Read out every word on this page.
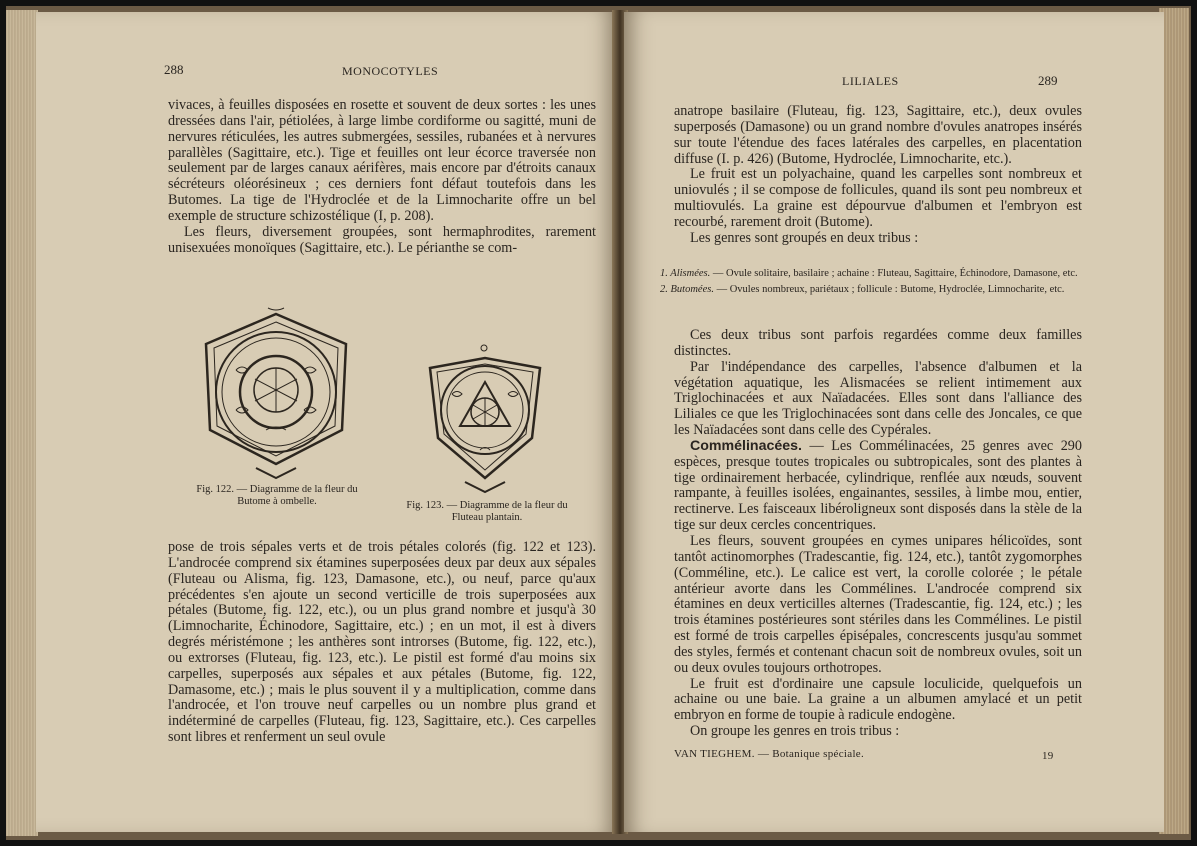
288	MONOCOTYLES

vivaces, à feuilles disposées en rosette et souvent de deux sortes : les unes dressées dans l'air, pétiolées, à large limbe cordiforme ou sagitté, muni de nervures réticulées, les autres submergées, sessiles, rubanées et à nervures parallèles (Sagittaire, etc.). Tige et feuilles ont leur écorce traversée non seulement par de larges canaux aérifères, mais encore par d'étroits canaux sécréteurs oléorésineux ; ces derniers font défaut toutefois dans les Butomes. La tige de l'Hydroclée et de la Limnocharite offre un bel exemple de structure schizostélique (I, p. 208).

Les fleurs, diversement groupées, sont hermaphrodites, rarement unisexuées monoïques (Sagittaire, etc.). Le périanthe se com-

Fig. 122. — Diagramme de la fleur du Butome à ombelle.	Fig. 123. — Diagramme de la fleur du Fluteau plantain.

pose de trois sépales verts et de trois pétales colorés (fig. 122 et 123). L'androcée comprend six étamines superposées deux par deux aux sépales (Fluteau ou Alisma, fig. 123, Damasone, etc.), ou neuf, parce qu'aux précédentes s'en ajoute un second verticille de trois superposées aux pétales (Butome, fig. 122, etc.), ou un plus grand nombre et jusqu'à 30 (Limnocharite, Échinodore, Sagittaire, etc.) ; en un mot, il est à divers degrés méristémone ; les anthères sont introrses (Butome, fig. 122, etc.), ou extrorses (Fluteau, fig. 123, etc.). Le pistil est formé d'au moins six carpelles, superposés aux sépales et aux pétales (Butome, fig. 122, Damasome, etc.) ; mais le plus souvent il y a multiplication, comme dans l'androcée, et l'on trouve neuf carpelles ou un nombre plus grand et indéterminé de carpelles (Fluteau, fig. 123, Sagittaire, etc.). Ces carpelles sont libres et renferment un seul ovule

LILIALES	289

anatrope basilaire (Fluteau, fig. 123, Sagittaire, etc.), deux ovules superposés (Damasone) ou un grand nombre d'ovules anatropes insérés sur toute l'étendue des faces latérales des carpelles, en placentation diffuse (I. p. 426) (Butome, Hydroclée, Limnocharite, etc.).

Le fruit est un polyachaine, quand les carpelles sont nombreux et uniovulés ; il se compose de follicules, quand ils sont peu nombreux et multiovulés. La graine est dépourvue d'albumen et l'embryon est recourbé, rarement droit (Butome).

Les genres sont groupés en deux tribus :

1. Alismées. — Ovule solitaire, basilaire ; achaine : Fluteau, Sagittaire, Échinodore, Damasone, etc.
2. Butomées. — Ovules nombreux, pariétaux ; follicule : Butome, Hydroclée, Limnocharite, etc.

Ces deux tribus sont parfois regardées comme deux familles distinctes.

Par l'indépendance des carpelles, l'absence d'albumen et la végétation aquatique, les Alismacées se relient intimement aux Triglochinacées et aux Naïadacées. Elles sont dans l'alliance des Liliales ce que les Triglochinacées sont dans celle des Joncales, ce que les Naïadacées sont dans celle des Cypérales.

Commélinacées. — Les Commélinacées, 25 genres avec 290 espèces, presque toutes tropicales ou subtropicales, sont des plantes à tige ordinairement herbacée, cylindrique, renflée aux nœuds, souvent rampante, à feuilles isolées, engainantes, sessiles, à limbe mou, entier, rectinerve. Les faisceaux libéroligneux sont disposés dans la stèle de la tige sur deux cercles concentriques.

Les fleurs, souvent groupées en cymes unipares hélicoïdes, sont tantôt actinomorphes (Tradescantie, fig. 124, etc.), tantôt zygomorphes (Comméline, etc.). Le calice est vert, la corolle colorée ; le pétale antérieur avorte dans les Commélines. L'androcée comprend six étamines en deux verticilles alternes (Tradescantie, fig. 124, etc.) ; les trois étamines postérieures sont stériles dans les Commélines. Le pistil est formé de trois carpelles épisépales, concrescents jusqu'au sommet des styles, fermés et contenant chacun soit de nombreux ovules, soit un ou deux ovules toujours orthotropes.

Le fruit est d'ordinaire une capsule loculicide, quelquefois un achaine ou une baie. La graine a un albumen amylacé et un petit embryon en forme de toupie à radicule endogène.

On groupe les genres en trois tribus :

VAN TIEGHEM. — Botanique spéciale.	19
